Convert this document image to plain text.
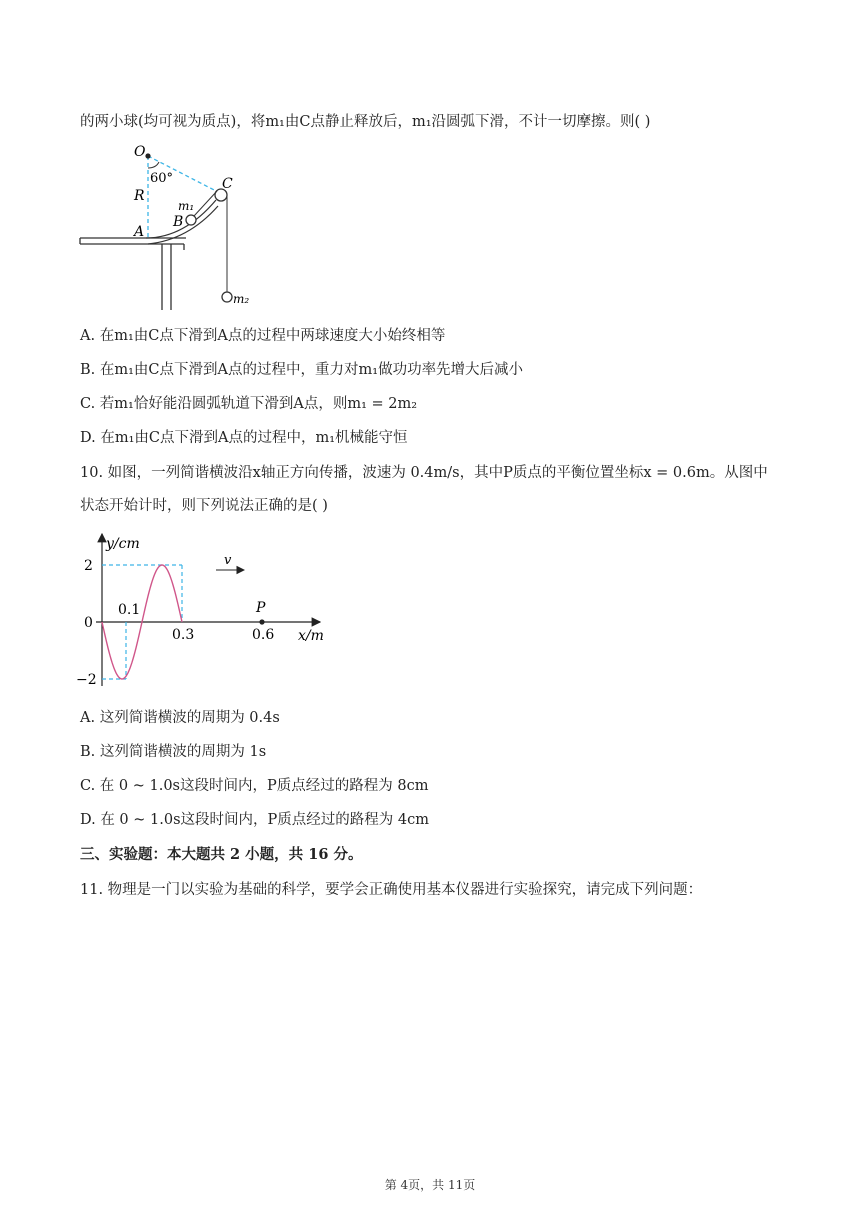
的两小球(均可视为质点)，将m₁由C点静止释放后，m₁沿圆弧下滑，不计一切摩擦。则( )
O
60°
R
C
m₁
B
A
m₂
A. 在m₁由C点下滑到A点的过程中两球速度大小始终相等
B. 在m₁由C点下滑到A点的过程中，重力对m₁做功功率先增大后减小
C. 若m₁恰好能沿圆弧轨道下滑到A点，则m₁ = 2m₂
D. 在m₁由C点下滑到A点的过程中，m₁机械能守恒
10. 如图，一列简谐横波沿x轴正方向传播，波速为 0.4m/s，其中P质点的平衡位置坐标x = 0.6m。从图中
状态开始计时，则下列说法正确的是( )
y/cm
x/m
v
P
2
0
−2
0.1
0.3	0.6
A. 这列简谐横波的周期为 0.4s
B. 这列简谐横波的周期为 1s
C. 在 0 ~ 1.0s这段时间内，P质点经过的路程为 8cm
D. 在 0 ~ 1.0s这段时间内，P质点经过的路程为 4cm
三、实验题：本大题共 2 小题，共 16 分。
11. 物理是一门以实验为基础的科学，要学会正确使用基本仪器进行实验探究，请完成下列问题：
第 4页，共 11页
